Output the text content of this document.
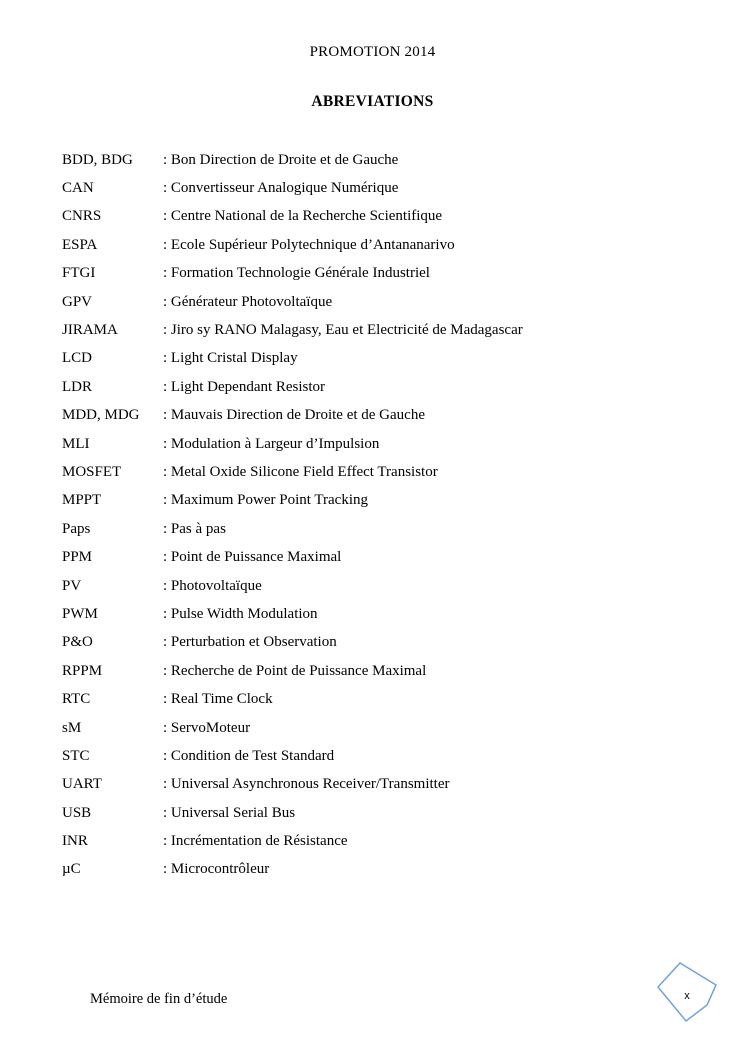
PROMOTION 2014
ABREVIATIONS
BDD, BDG	: Bon Direction de Droite et de Gauche
CAN	: Convertisseur Analogique Numérique
CNRS	: Centre National de la Recherche Scientifique
ESPA	: Ecole Supérieur Polytechnique d’Antananarivo
FTGI	: Formation Technologie Générale Industriel
GPV	: Générateur Photovoltaïque
JIRAMA	: Jiro sy RANO Malagasy, Eau et Electricité de Madagascar
LCD	: Light Cristal Display
LDR	: Light Dependant Resistor
MDD, MDG	: Mauvais Direction de Droite et de Gauche
MLI	: Modulation à Largeur d’Impulsion
MOSFET	: Metal Oxide Silicone Field Effect Transistor
MPPT	: Maximum Power Point Tracking
Paps	: Pas à pas
PPM	: Point de Puissance Maximal
PV	: Photovoltaïque
PWM	: Pulse Width Modulation
P&O	: Perturbation et Observation
RPPM	: Recherche de Point de Puissance Maximal
RTC	: Real Time Clock
sM	: ServoMoteur
STC	: Condition de Test Standard
UART	: Universal Asynchronous Receiver/Transmitter
USB	: Universal Serial Bus
INR	: Incrémentation de Résistance
µC	: Microcontrôleur
Mémoire de fin d’étude	x
